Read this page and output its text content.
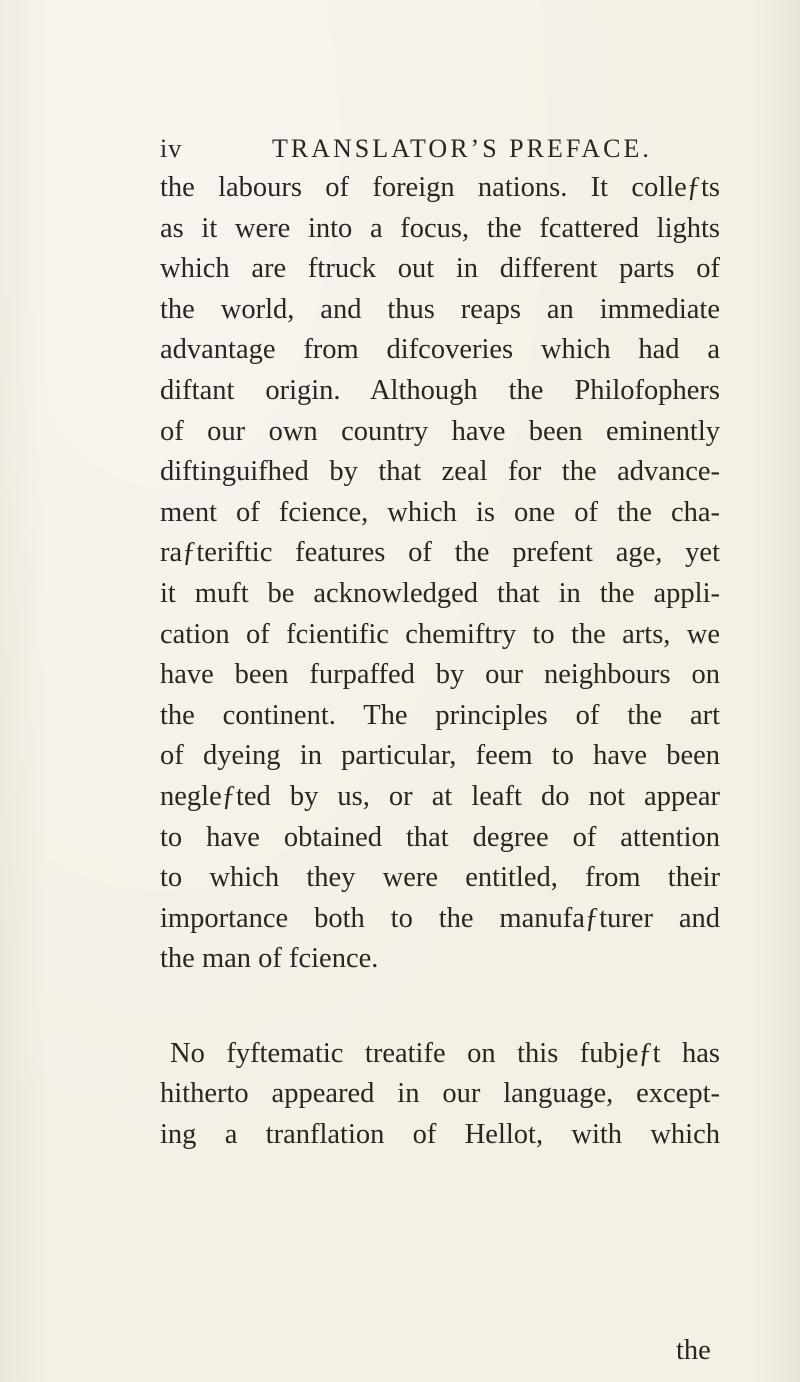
iv	TRANSLATOR’S PREFACE.
the labours of foreign nations. It colleƒts
as it were into a focus, the fcattered lights
which are ftruck out in different parts of
the world, and thus reaps an immediate
advantage from difcoveries which had a
diftant origin. Although the Philofophers
of our own country have been eminently
diftinguifhed by that zeal for the advance-
ment of fcience, which is one of the cha-
raƒteriftic features of the prefent age, yet
it muft be acknowledged that in the appli-
cation of fcientific chemiftry to the arts, we
have been furpaffed by our neighbours on
the continent. The principles of the art
of dyeing in particular, feem to have been
negleƒted by us, or at leaft do not appear
to have obtained that degree of attention
to which they were entitled, from their
importance both to the manufaƒturer and
the man of fcience.
No fyftematic treatife on this fubjeƒt has
hitherto appeared in our language, except-
ing a tranflation of Hellot, with which
the
